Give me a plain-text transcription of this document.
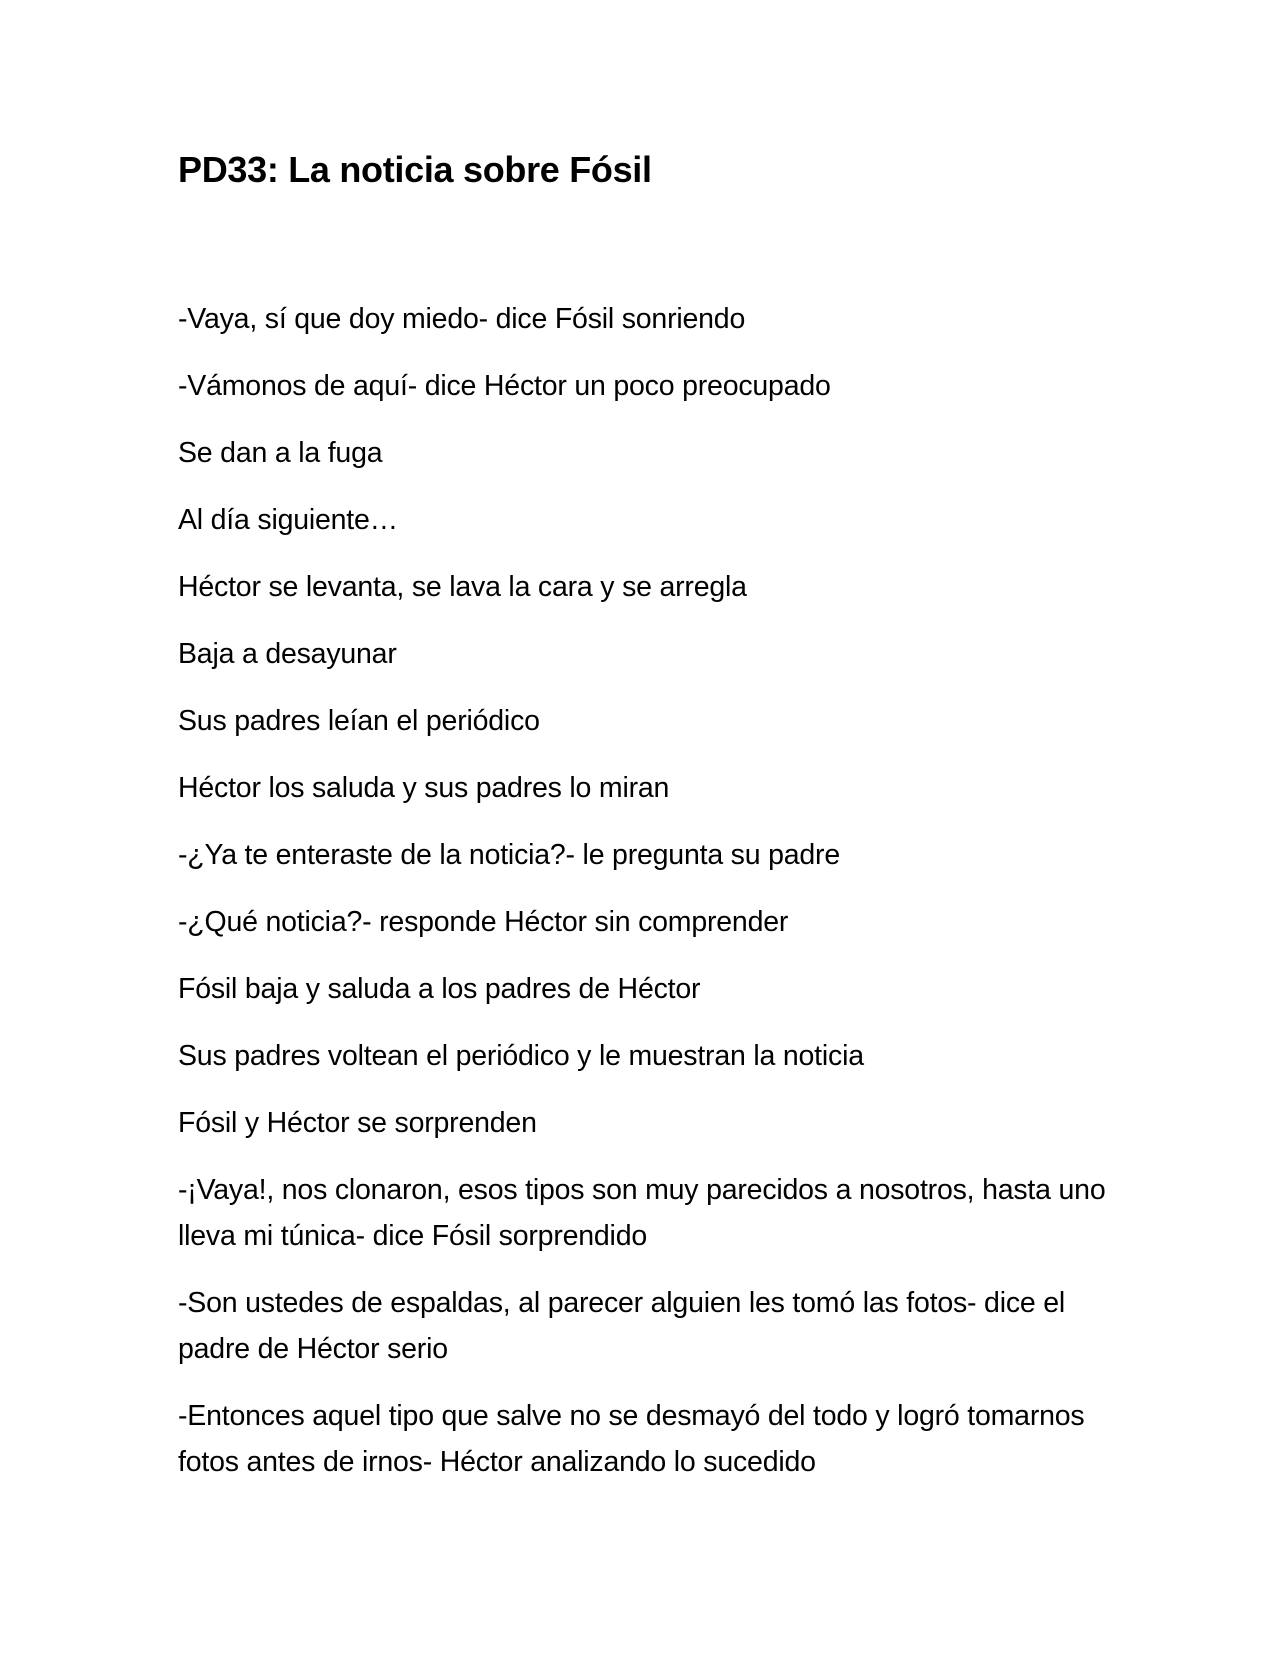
PD33: La noticia sobre Fósil

-Vaya, sí que doy miedo- dice Fósil sonriendo

-Vámonos de aquí- dice Héctor un poco preocupado

Se dan a la fuga

Al día siguiente…

Héctor se levanta, se lava la cara y se arregla

Baja a desayunar

Sus padres leían el periódico

Héctor los saluda y sus padres lo miran

-¿Ya te enteraste de la noticia?- le pregunta su padre

-¿Qué noticia?- responde Héctor sin comprender

Fósil baja y saluda a los padres de Héctor

Sus padres voltean el periódico y le muestran la noticia

Fósil y Héctor se sorprenden

-¡Vaya!, nos clonaron, esos tipos son muy parecidos a nosotros, hasta uno lleva mi túnica- dice Fósil sorprendido

-Son ustedes de espaldas, al parecer alguien les tomó las fotos- dice el padre de Héctor serio

-Entonces aquel tipo que salve no se desmayó del todo y logró tomarnos fotos antes de irnos- Héctor analizando lo sucedido
